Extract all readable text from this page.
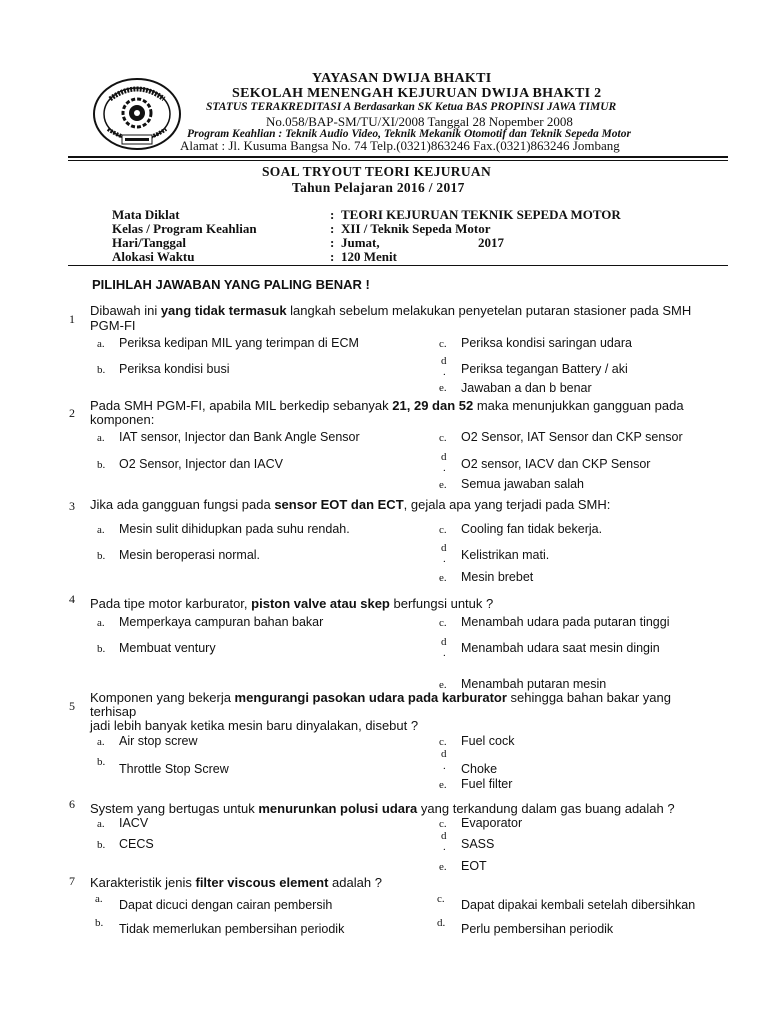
YAYASAN DWIJA BHAKTI
SEKOLAH MENENGAH KEJURUAN DWIJA BHAKTI 2
STATUS TERAKREDITASI A Berdasarkan SK Ketua BAS PROPINSI JAWA TIMUR
No.058/BAP-SM/TU/XI/2008 Tanggal 28 Nopember 2008
Program Keahlian : Teknik Audio Video, Teknik Mekanik Otomotif dan Teknik Sepeda Motor
Alamat : Jl. Kusuma Bangsa No. 74 Telp.(0321)863246 Fax.(0321)863246 Jombang
SOAL TRYOUT TEORI KEJURUAN
Tahun Pelajaran 2016 / 2017
Mata Diklat	: TEORI KEJURUAN TEKNIK SEPEDA MOTOR
Kelas / Program Keahlian	: XII / Teknik Sepeda Motor
Hari/Tanggal	: Jumat,	2017
Alokasi Waktu	: 120 Menit
PILIHLAH JAWABAN YANG PALING BENAR !
1
Dibawah ini yang tidak termasuk langkah sebelum melakukan penyetelan putaran stasioner pada SMH
PGM-FI
a. Periksa kedipan MIL yang terimpan di ECM
b. Periksa kondisi busi
c. Periksa kondisi saringan udara
d
. Periksa tegangan Battery / aki
e. Jawaban a dan b benar
2 Pada SMH PGM-FI, apabila MIL berkedip sebanyak 21, 29 dan 52 maka menunjukkan gangguan pada
komponen:
a. IAT sensor, Injector dan Bank Angle Sensor
b. O2 Sensor, Injector dan IACV
c. O2 Sensor, IAT Sensor dan CKP sensor
d
. O2 sensor, IACV dan CKP Sensor
e. Semua jawaban salah
3 Jika ada gangguan fungsi pada sensor EOT dan ECT, gejala apa yang terjadi pada SMH:
a. Mesin sulit dihidupkan pada suhu rendah.
b. Mesin beroperasi normal.
c. Cooling fan tidak bekerja.
d
. Kelistrikan mati.
e. Mesin brebet
4 Pada tipe motor karburator, piston valve atau skep berfungsi untuk ?
a. Memperkaya campuran bahan bakar
b. Membuat ventury
c. Menambah udara pada putaran tinggi
d
. Menambah udara saat mesin dingin
e. Menambah putaran mesin
5
Komponen yang bekerja mengurangi pasokan udara pada karburator sehingga bahan bakar yang
terhisap
jadi lebih banyak ketika mesin baru dinyalakan, disebut ?
a. Air stop screw
b. Throttle Stop Screw
c. Fuel cock
d
. Choke
e. Fuel filter
6 System yang bertugas untuk menurunkan polusi udara yang terkandung dalam gas buang adalah ?
a. IACV
b. CECS
c. Evaporator
d
. SASS
e. EOT
7 Karakteristik jenis filter viscous element adalah ?
a. Dapat dicuci dengan cairan pembersih
b. Tidak memerlukan pembersihan periodik
c. Dapat dipakai kembali setelah dibersihkan
d. Perlu pembersihan periodik
